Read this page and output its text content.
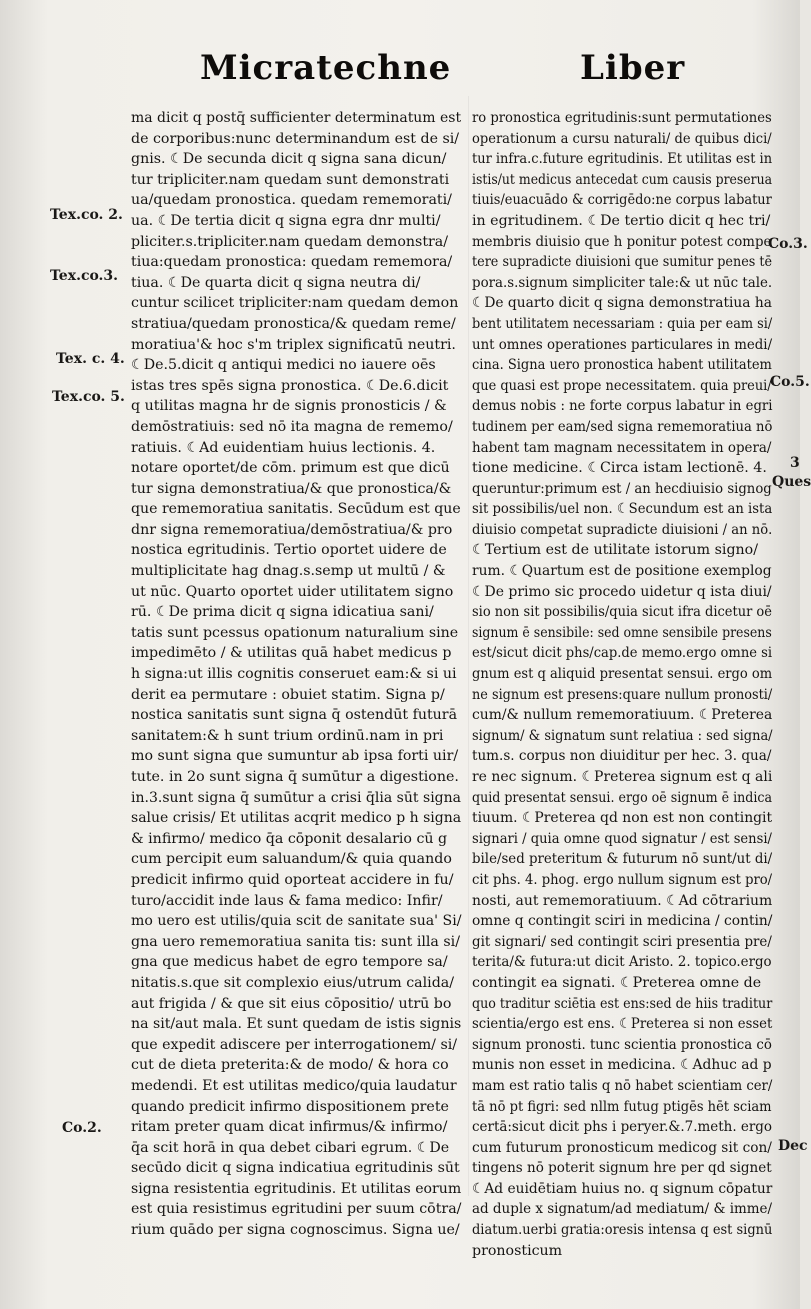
Micratechne	Liber
Tex.co. 2.
Tex.co.3.
Tex. c. 4.
Tex.co. 5.
Co.2.
Co.3.
Co.5.
3
Ques
Dec
ma dicit q postq̄ sufficienter determinatum est
de corporibus:nunc determinandum est de si/
gnis. ☾De secunda dicit q signa sana dicun/
tur tripliciter.nam quedam sunt demonstrati
ua/quedam pronostica. quedam rememorati/
ua. ☾De tertia dicit q signa egra dnr multi/
pliciter.s.tripliciter.nam quedam demonstra/
tiua:quedam pronostica: quedam rememora/
tiua. ☾De quarta dicit q signa neutra di/
cuntur scilicet tripliciter:nam quedam demon
stratiua/quedam pronostica/& quedam reme/
moratiua'& hoc s'm triplex significatū neutri.
☾De.5.dicit q antiqui medici no iauere oēs
istas tres spēs signa pronostica. ☾De.6.dicit
q utilitas magna hr de signis pronosticis / &
demōstratiuis: sed nō ita magna de rememo/
ratiuis. ☾Ad euidentiam huius lectionis. 4.
notare oportet/de cōm. primum est que dicū
tur signa demonstratiua/& que pronostica/&
que rememoratiua sanitatis. Secūdum est que
dnr signa rememoratiua/demōstratiua/& pro
nostica egritudinis. Tertio oportet uidere de
multiplicitate hag dnag.s.semp ut multū / &
ut nūc. Quarto oportet uider utilitatem signo
rū. ☾De prima dicit q signa idicatiua sani/
tatis sunt pcessus opationum naturalium sine
impedimēto / & utilitas quā habet medicus p
h signa:ut illis cognitis conseruet eam:& si ui
derit ea permutare : obuiet statim. Signa p/
nostica sanitatis sunt signa q̄ ostendūt futurā
sanitatem:& h sunt trium ordinū.nam in pri
mo sunt signa que sumuntur ab ipsa forti uir/
tute. in 2o sunt signa q̄ sumūtur a digestione.
in.3.sunt signa q̄ sumūtur a crisi q̄lia sūt signa
salue crisis/ Et utilitas acqrit medico p h signa
& infirmo/ medico q̄a cōponit desalario cū g
cum percipit eum saluandum/& quia quando
predicit infirmo quid oporteat accidere in fu/
turo/accidit inde laus & fama medico: Infir/
mo uero est utilis/quia scit de sanitate sua' Si/
gna uero rememoratiua sanita tis: sunt illa si/
gna que medicus habet de egro tempore sa/
nitatis.s.que sit complexio eius/utrum calida/
aut frigida / & que sit eius cōpositio/ utrū bo
na sit/aut mala. Et sunt quedam de istis signis
que expedit adiscere per interrogationem/ si/
cut de dieta preterita:& de modo/ & hora co
medendi. Et est utilitas medico/quia laudatur
quando predicit infirmo dispositionem prete
ritam preter quam dicat infirmus/& infirmo/
q̄a scit horā in qua debet cibari egrum. ☾De
secūdo dicit q signa indicatiua egritudinis sūt
signa resistentia egritudinis. Et utilitas eorum
est quia resistimus egritudini per suum cōtra/
rium quādo per signa cognoscimus. Signa ue/
ro pronostica egritudinis:sunt permutationes
operationum a cursu naturali/ de quibus dici/
tur infra.c.future egritudinis. Et utilitas est in
istis/ut medicus antecedat cum causis preserua
tiuis/euacuādo & corrigēdo:ne corpus labatur
in egritudinem. ☾De tertio dicit q hec tri/
membris diuisio que h ponitur potest compe
tere supradicte diuisioni que sumitur penes tē
pora.s.signum simpliciter tale:& ut nūc tale.
☾De quarto dicit q signa demonstratiua ha
bent utilitatem necessariam : quia per eam si/
unt omnes operationes particulares in medi/
cina. Signa uero pronostica habent utilitatem
que quasi est prope necessitatem. quia preui/
demus nobis : ne forte corpus labatur in egri
tudinem per eam/sed signa rememoratiua nō
habent tam magnam necessitatem in opera/
tione medicine. ☾Circa istam lectionē. 4.
queruntur:primum est / an hecdiuisio signog
sit possibilis/uel non. ☾Secundum est an ista
diuisio competat supradicte diuisioni / an nō.
☾Tertium est de utilitate istorum signo/
rum. ☾Quartum est de positione exemplog
☾De primo sic procedo uidetur q ista diui/
sio non sit possibilis/quia sicut ifra dicetur oē
signum ē sensibile: sed omne sensibile presens
est/sicut dicit phs/cap.de memo.ergo omne si
gnum est q aliquid presentat sensui. ergo om
ne signum est presens:quare nullum pronosti/
cum/& nullum rememoratiuum. ☾Preterea
signum/ & signatum sunt relatiua : sed signa/
tum.s. corpus non diuiditur per hec. 3. qua/
re nec signum. ☾Preterea signum est q ali
quid presentat sensui. ergo oē signum ē indica
tiuum. ☾Preterea qd non est non contingit
signari / quia omne quod signatur / est sensi/
bile/sed preteritum & futurum nō sunt/ut di/
cit phs. 4. phog. ergo nullum signum est pro/
nosti, aut rememoratiuum. ☾Ad cōtrarium
omne q contingit sciri in medicina / contin/
git signari/ sed contingit sciri presentia pre/
terita/& futura:ut dicit Aristo. 2. topico.ergo
contingit ea signati. ☾Preterea omne de
quo traditur sciētia est ens:sed de hiis traditur
scientia/ergo est ens. ☾Preterea si non esset
signum pronosti. tunc scientia pronostica cō
munis non esset in medicina. ☾Adhuc ad p
mam est ratio talis q nō habet scientiam cer/
tā nō pt figri: sed nllm futug ptigēs hēt sciam
certā:sicut dicit phs i peryer.&.7.meth. ergo
cum futurum pronosticum medicog sit con/
tingens nō poterit signum hre per qd signet
☾Ad euidētiam huius no. q signum cōpatur
ad duple x signatum/ad mediatum/ & imme/
diatum.uerbi gratia:oresis intensa q est signū
pronosticum
